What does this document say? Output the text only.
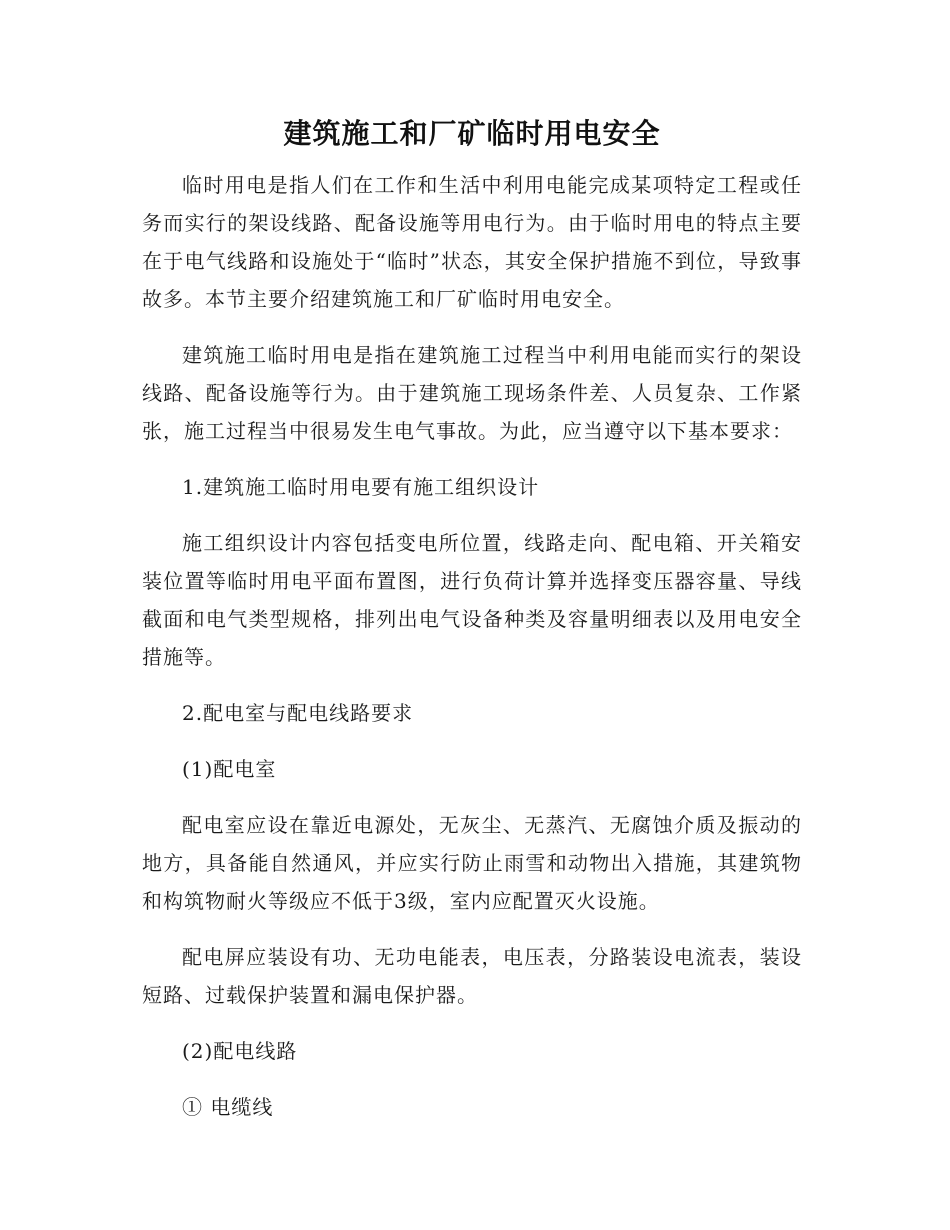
建筑施工和厂矿临时用电安全

临时用电是指人们在工作和生活中利用电能完成某项特定工程或任务而实行的架设线路、配备设施等用电行为。由于临时用电的特点主要在于电气线路和设施处于“临时”状态，其安全保护措施不到位，导致事故多。本节主要介绍建筑施工和厂矿临时用电安全。

建筑施工临时用电是指在建筑施工过程当中利用电能而实行的架设线路、配备设施等行为。由于建筑施工现场条件差、人员复杂、工作紧张，施工过程当中很易发生电气事故。为此，应当遵守以下基本要求：

1.建筑施工临时用电要有施工组织设计

施工组织设计内容包括变电所位置，线路走向、配电箱、开关箱安装位置等临时用电平面布置图，进行负荷计算并选择变压器容量、导线截面和电气类型规格，排列出电气设备种类及容量明细表以及用电安全措施等。

2.配电室与配电线路要求

(1)配电室

配电室应设在靠近电源处，无灰尘、无蒸汽、无腐蚀介质及振动的地方，具备能自然通风，并应实行防止雨雪和动物出入措施，其建筑物和构筑物耐火等级应不低于3级，室内应配置灭火设施。

配电屏应装设有功、无功电能表，电压表，分路装设电流表，装设短路、过载保护装置和漏电保护器。

(2)配电线路

① 电缆线
